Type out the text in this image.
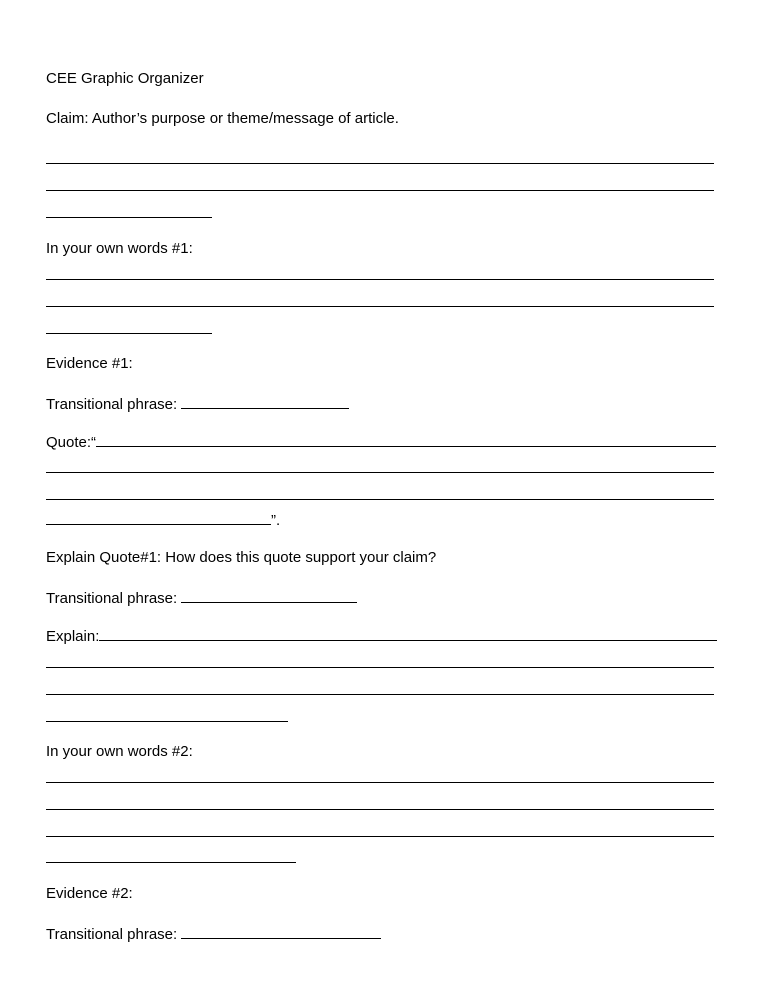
CEE Graphic Organizer
Claim: Author’s purpose or theme/message of article.
In your own words #1:
Evidence #1:
Transitional phrase:
Quote:“
”.
Explain Quote#1: How does this quote support your claim?
Transitional phrase:
Explain:
In your own words #2:
Evidence #2:
Transitional phrase:
